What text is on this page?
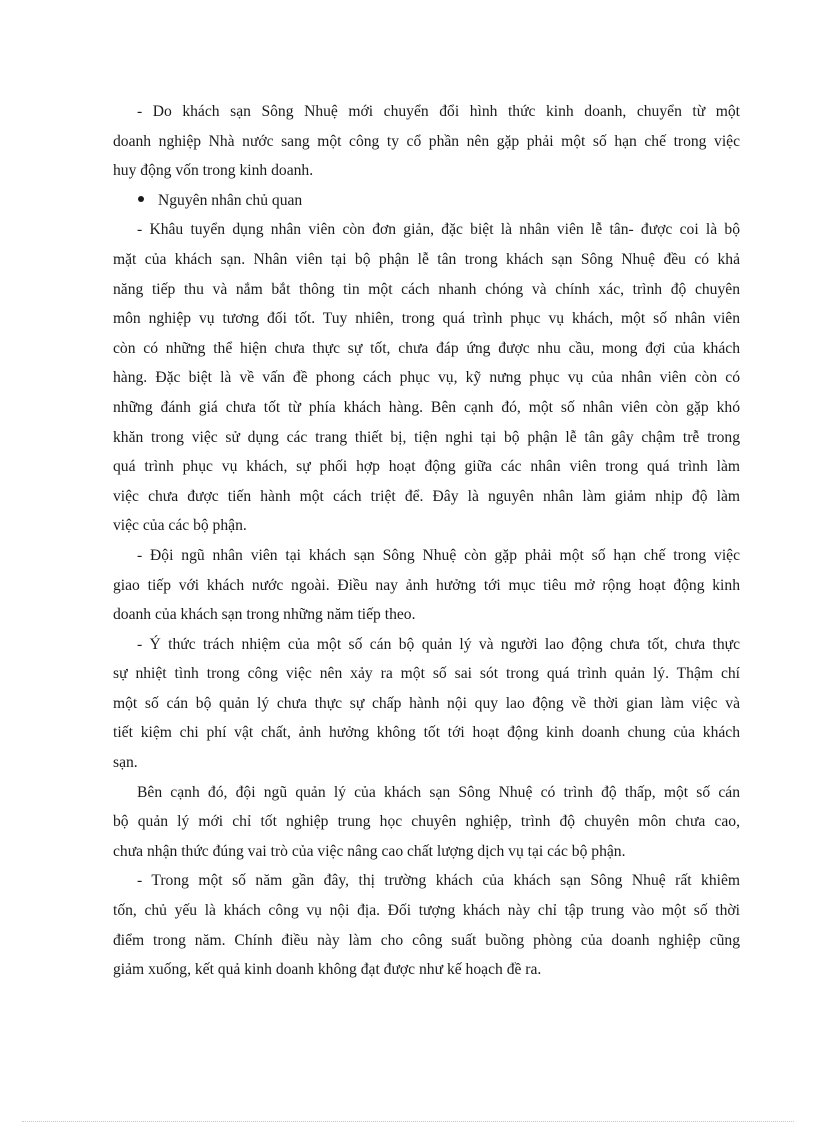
- Do khách sạn Sông Nhuệ mới chuyển đổi hình thức kinh doanh, chuyển từ một
doanh nghiệp Nhà nước sang một công ty cổ phần nên gặp phải một số hạn chế trong việc
huy động vốn trong kinh doanh.
Nguyên nhân chủ quan
- Khâu tuyển dụng nhân viên còn đơn giản, đặc biệt là nhân viên lễ tân- được coi là bộ
mặt của khách sạn. Nhân viên tại bộ phận lễ tân trong khách sạn Sông Nhuệ đều có khả
năng tiếp thu và nắm bắt thông tin một cách nhanh chóng và chính xác, trình độ chuyên
môn nghiệp vụ tương đối tốt. Tuy nhiên, trong quá trình phục vụ khách, một số nhân viên
còn có những thể hiện chưa thực sự tốt, chưa đáp ứng được nhu cầu, mong đợi của khách
hàng. Đặc biệt là về vấn đề phong cách phục vụ, kỹ nưng phục vụ của nhân viên còn có
những đánh giá chưa tốt từ phía khách hàng. Bên cạnh đó, một số nhân viên còn gặp khó
khăn trong việc sử dụng các trang thiết bị, tiện nghi tại bộ phận lễ tân gây chậm trễ trong
quá trình phục vụ khách, sự phối hợp hoạt động giữa các nhân viên trong quá trình làm
việc chưa được tiến hành một cách triệt để. Đây là nguyên nhân làm giảm nhịp độ làm
việc của các bộ phận.
- Đội ngũ nhân viên tại khách sạn Sông Nhuệ còn gặp phải một số hạn chế trong việc
giao tiếp với khách nước ngoài. Điều nay ảnh hưởng tới mục tiêu mở rộng hoạt động kinh
doanh của khách sạn trong những năm tiếp theo.
- Ý thức trách nhiệm của một số cán bộ quản lý và người lao động chưa tốt, chưa thực
sự nhiệt tình trong công việc nên xảy ra một số sai sót trong quá trình quản lý. Thậm chí
một số cán bộ quản lý chưa thực sự chấp hành nội quy lao động về thời gian làm việc và
tiết kiệm chi phí vật chất, ảnh hưởng không tốt tới hoạt động kinh doanh chung của khách
sạn.
Bên cạnh đó, đội ngũ quản lý của khách sạn Sông Nhuệ có trình độ thấp, một số cán
bộ quản lý mới chỉ tốt nghiệp trung học chuyên nghiệp, trình độ chuyên môn chưa cao,
chưa nhận thức đúng vai trò của việc nâng cao chất lượng dịch vụ tại các bộ phận.
- Trong một số năm gần đây, thị trường khách của khách sạn Sông Nhuệ rất khiêm
tốn, chủ yếu là khách công vụ nội địa. Đối tượng khách này chỉ tập trung vào một số thời
điểm trong năm. Chính điều này làm cho công suất buồng phòng của doanh nghiệp cũng
giảm xuống, kết quả kinh doanh không đạt được như kế hoạch đề ra.
